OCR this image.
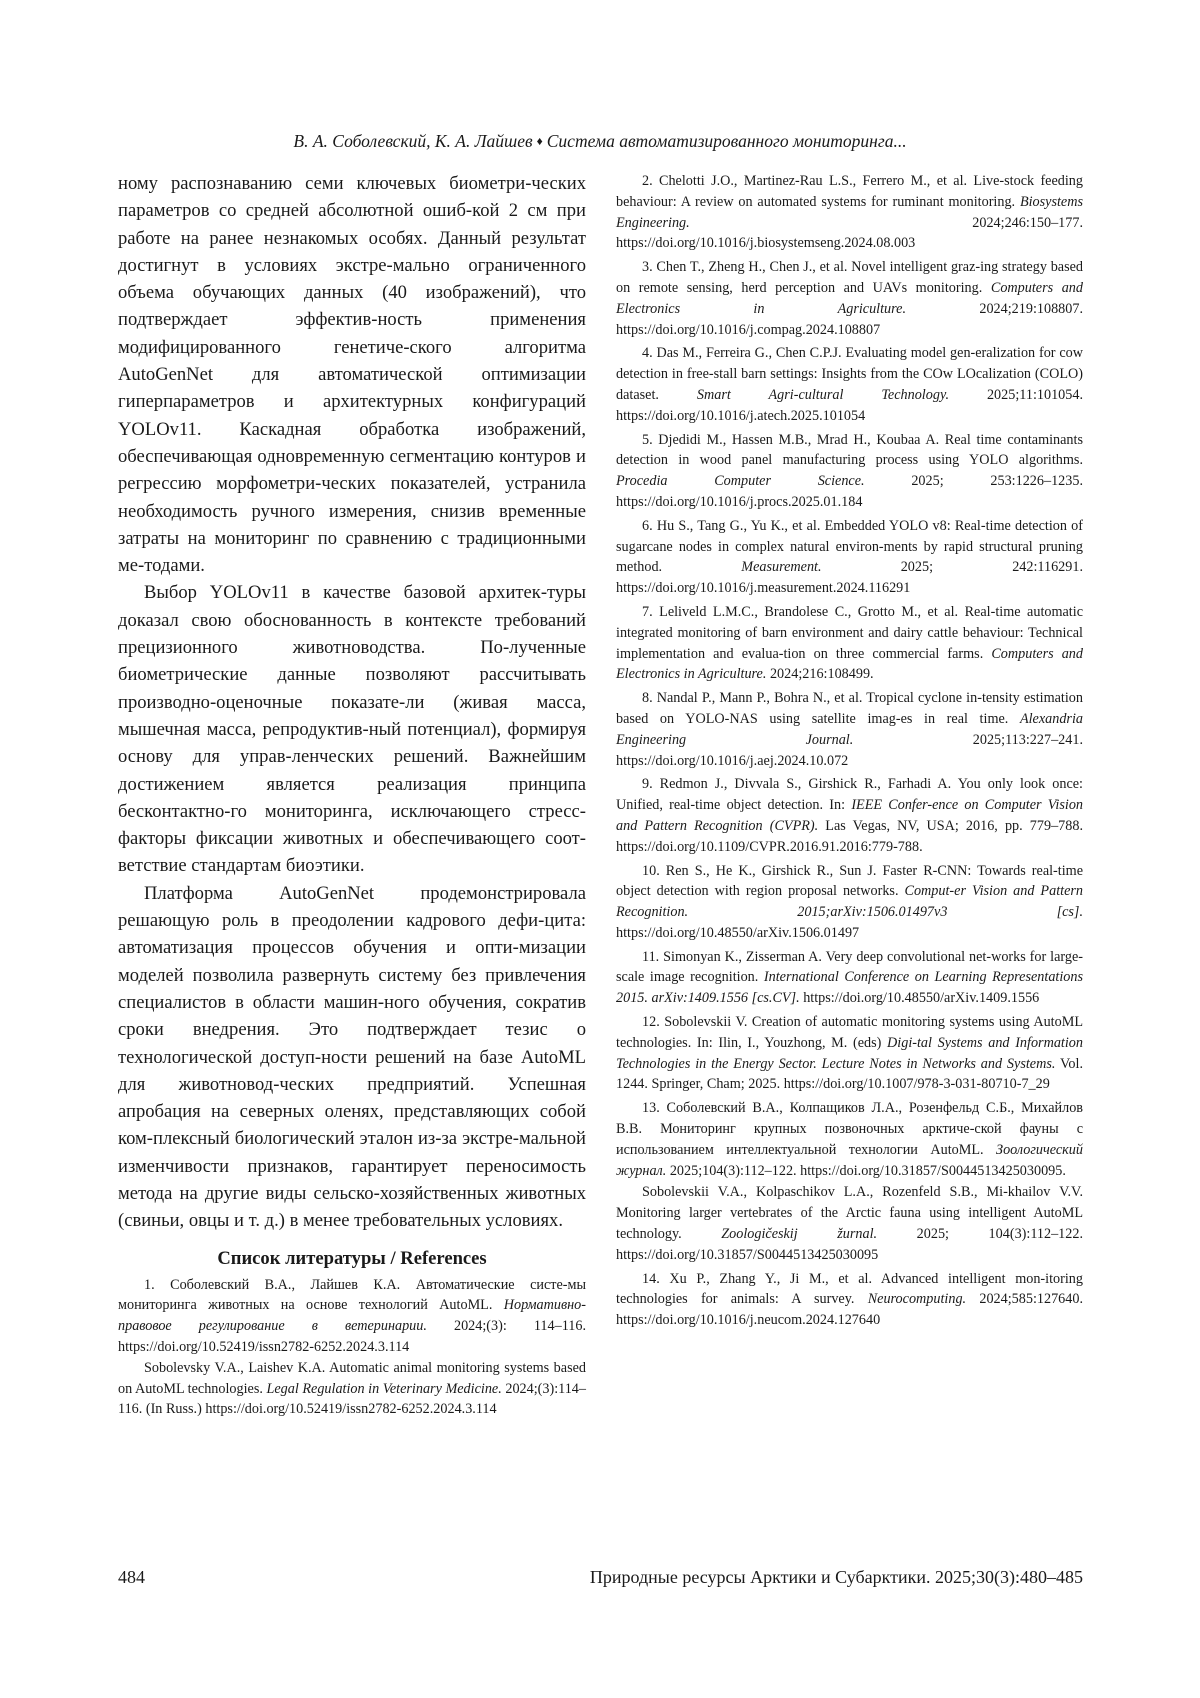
В. А. Соболевский, К. А. Лайшев ♦ Система автоматизированного мониторинга...

ному распознаванию семи ключевых биометри-ческих параметров со средней абсолютной ошиб-кой 2 см при работе на ранее незнакомых особях. Данный результат достигнут в условиях экстре-мально ограниченного объема обучающих данных (40 изображений), что подтверждает эффектив-ность применения модифицированного генетиче-ского алгоритма AutoGenNet для автоматической оптимизации гиперпараметров и архитектурных конфигураций YOLOv11. Каскадная обработка изображений, обеспечивающая одновременную сегментацию контуров и регрессию морфометри-ческих показателей, устранила необходимость ручного измерения, снизив временные затраты на мониторинг по сравнению с традиционными ме-тодами.

Выбор YOLOv11 в качестве базовой архитек-туры доказал свою обоснованность в контексте требований прецизионного животноводства. По-лученные биометрические данные позволяют рассчитывать производно-оценочные показате-ли (живая масса, мышечная масса, репродуктив-ный потенциал), формируя основу для управ-ленческих решений. Важнейшим достижением является реализация принципа бесконтактно-го мониторинга, исключающего стресс-факторы фиксации животных и обеспечивающего соот-ветствие стандартам биоэтики.

Платформа AutoGenNet продемонстрировала решающую роль в преодолении кадрового дефи-цита: автоматизация процессов обучения и опти-мизации моделей позволила развернуть систему без привлечения специалистов в области машин-ного обучения, сократив сроки внедрения. Это подтверждает тезис о технологической доступ-ности решений на базе AutoML для животновод-ческих предприятий. Успешная апробация на северных оленях, представляющих собой ком-плексный биологический эталон из-за экстре-мальной изменчивости признаков, гарантирует переносимость метода на другие виды сельско-хозяйственных животных (свиньи, овцы и т. д.) в менее требовательных условиях.

Список литературы / References

1. Соболевский В.А., Лайшев К.А. Автоматические систе-мы мониторинга животных на основе технологий AutoML. Нормативно-правовое регулирование в ветеринарии. 2024;(3): 114–116. https://doi.org/10.52419/issn2782-6252.2024.3.114

Sobolevsky V.A., Laishev K.A. Automatic animal monitoring systems based on AutoML technologies. Legal Regulation in Veterinary Medicine. 2024;(3):114–116. (In Russ.) https://doi.org/10.52419/issn2782-6252.2024.3.114

2. Chelotti J.O., Martinez-Rau L.S., Ferrero M., et al. Live-stock feeding behaviour: A review on automated systems for ruminant monitoring. Biosystems Engineering. 2024;246:150–177. https://doi.org/10.1016/j.biosystemseng.2024.08.003

3. Chen T., Zheng H., Chen J., et al. Novel intelligent graz-ing strategy based on remote sensing, herd perception and UAVs monitoring. Computers and Electronics in Agriculture. 2024;219:108807. https://doi.org/10.1016/j.compag.2024.108807

4. Das M., Ferreira G., Chen C.P.J. Evaluating model gen-eralization for cow detection in free-stall barn settings: Insights from the COw LOcalization (COLO) dataset. Smart Agri-cultural Technology. 2025;11:101054. https://doi.org/10.1016/j.atech.2025.101054

5. Djedidi M., Hassen M.B., Mrad H., Koubaa A. Real time contaminants detection in wood panel manufacturing process using YOLO algorithms. Procedia Computer Science. 2025; 253:1226–1235. https://doi.org/10.1016/j.procs.2025.01.184

6. Hu S., Tang G., Yu K., et al. Embedded YOLO v8: Real-time detection of sugarcane nodes in complex natural environ-ments by rapid structural pruning method. Measurement. 2025; 242:116291. https://doi.org/10.1016/j.measurement.2024.116291

7. Leliveld L.M.C., Brandolese C., Grotto M., et al. Real-time automatic integrated monitoring of barn environment and dairy cattle behaviour: Technical implementation and evalua-tion on three commercial farms. Computers and Electronics in Agriculture. 2024;216:108499.

8. Nandal P., Mann P., Bohra N., et al. Tropical cyclone in-tensity estimation based on YOLO-NAS using satellite imag-es in real time. Alexandria Engineering Journal. 2025;113:227–241. https://doi.org/10.1016/j.aej.2024.10.072

9. Redmon J., Divvala S., Girshick R., Farhadi A. You only look once: Unified, real-time object detection. In: IEEE Confer-ence on Computer Vision and Pattern Recognition (CVPR). Las Vegas, NV, USA; 2016, pp. 779–788. https://doi.org/10.1109/CVPR.2016.91.2016:779-788.

10. Ren S., He K., Girshick R., Sun J. Faster R-CNN: Towards real-time object detection with region proposal networks. Comput-er Vision and Pattern Recognition. 2015;arXiv:1506.01497v3 [cs]. https://doi.org/10.48550/arXiv.1506.01497

11. Simonyan K., Zisserman A. Very deep convolutional net-works for large-scale image recognition. International Conference on Learning Representations 2015. arXiv:1409.1556 [cs.CV]. https://doi.org/10.48550/arXiv.1409.1556

12. Sobolevskii V. Creation of automatic monitoring systems using AutoML technologies. In: Ilin, I., Youzhong, M. (eds) Digi-tal Systems and Information Technologies in the Energy Sector. Lecture Notes in Networks and Systems. Vol. 1244. Springer, Cham; 2025. https://doi.org/10.1007/978-3-031-80710-7_29

13. Соболевский В.А., Колпащиков Л.А., Розенфельд С.Б., Михайлов В.В. Мониторинг крупных позвоночных арктиче-ской фауны с использованием интеллектуальной технологии AutoML. Зоологический журнал. 2025;104(3):112–122. https://doi.org/10.31857/S0044513425030095.

Sobolevskii V.A., Kolpaschikov L.A., Rozenfeld S.B., Mi-khailov V.V. Monitoring larger vertebrates of the Arctic fauna using intelligent AutoML technology. Zoologičeskij žurnal. 2025; 104(3):112–122. https://doi.org/10.31857/S0044513425030095

14. Xu P., Zhang Y., Ji M., et al. Advanced intelligent mon-itoring technologies for animals: A survey. Neurocomputing. 2024;585:127640. https://doi.org/10.1016/j.neucom.2024.127640

484	Природные ресурсы Арктики и Субарктики. 2025;30(3):480–485
